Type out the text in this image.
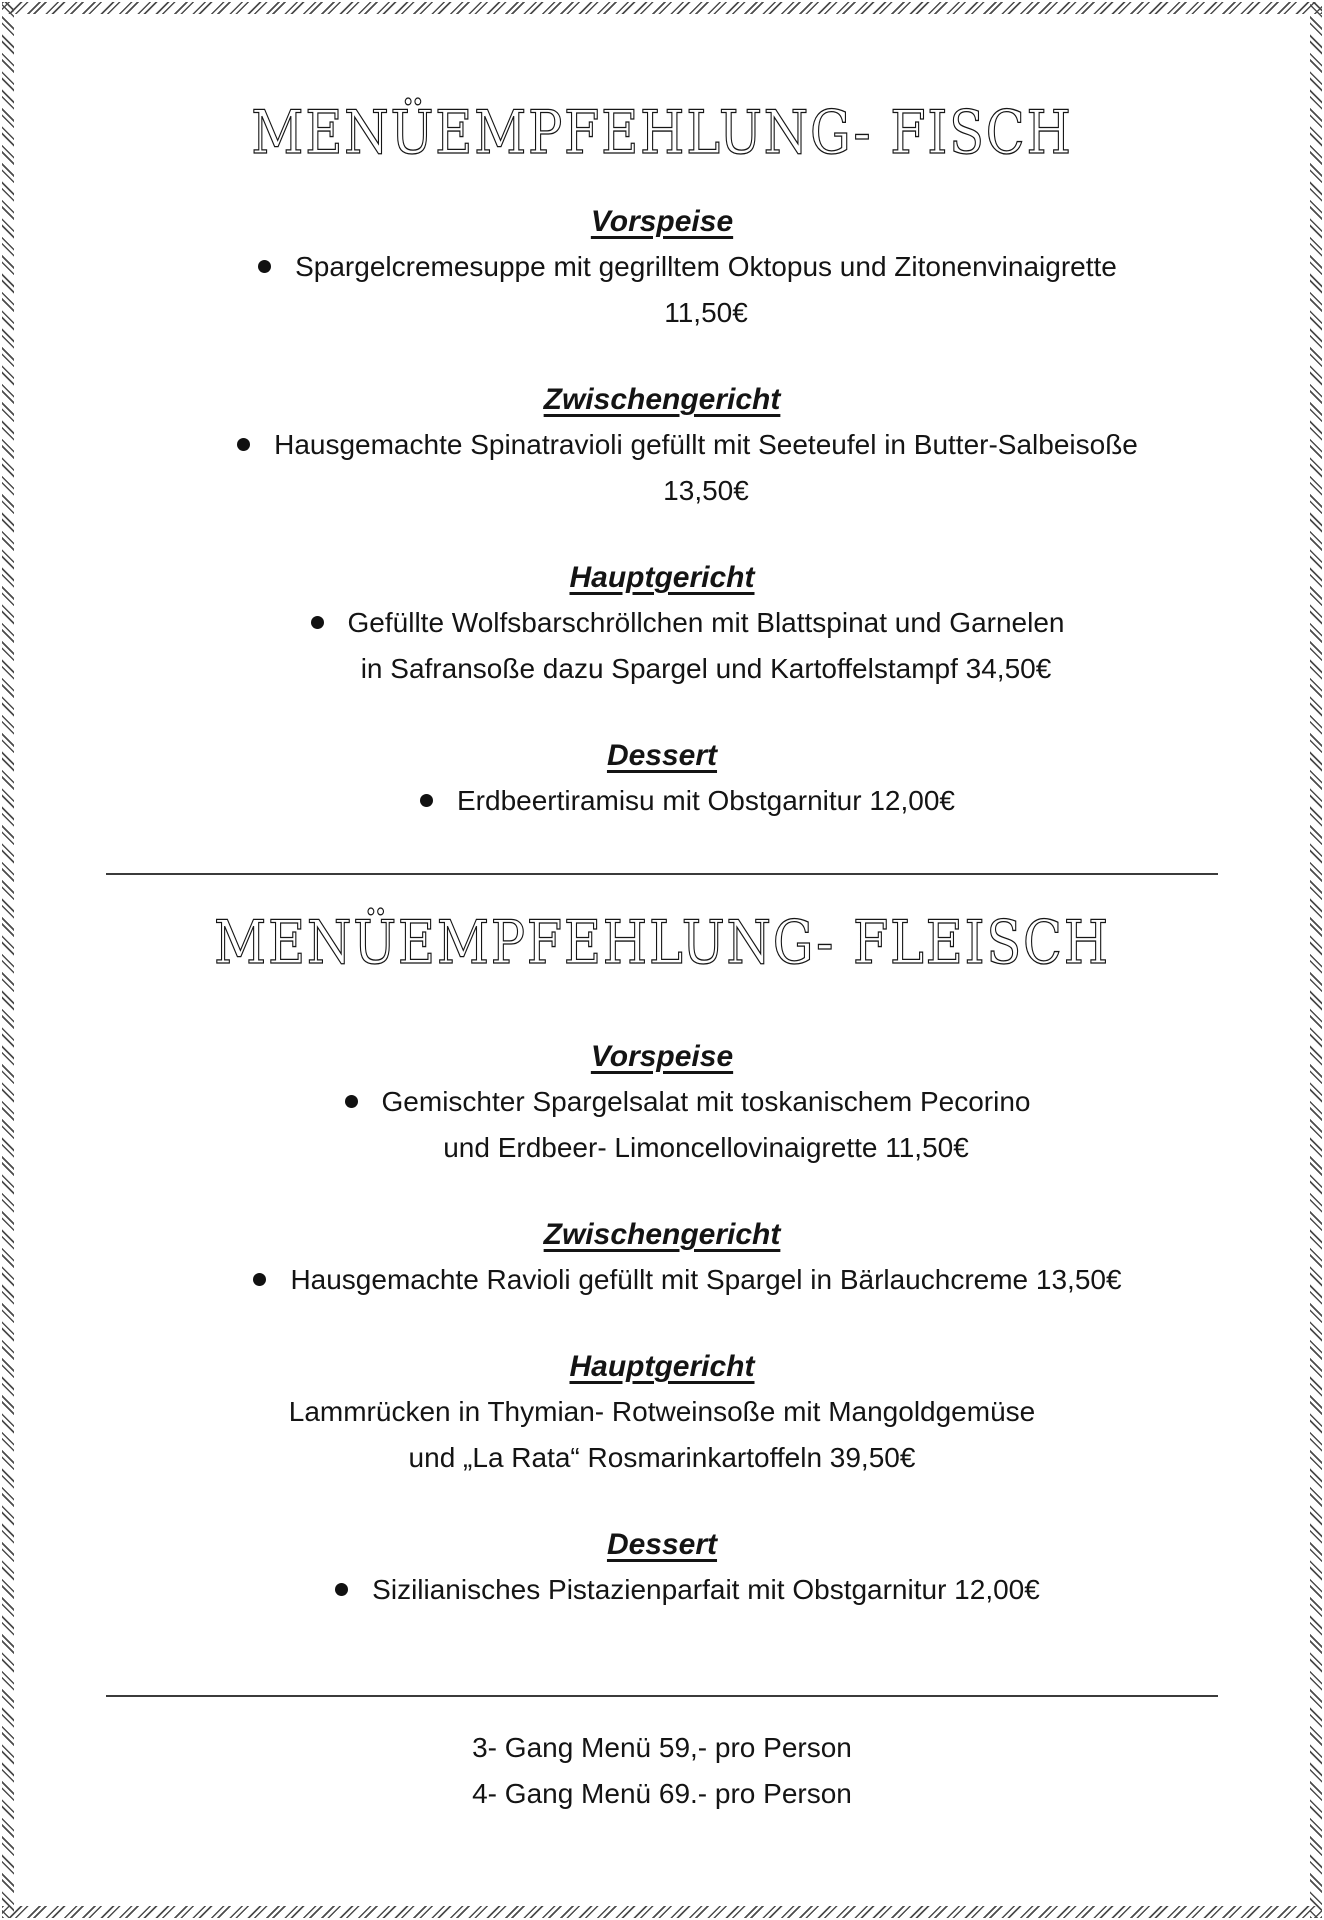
MENÜEMPFEHLUNG- FISCH
Vorspeise

Spargelcremesuppe mit gegrilltem Oktopus und Zitonenvinaigrette

11,50€

Zwischengericht

Hausgemachte Spinatravioli gefüllt mit Seeteufel in Butter-Salbeisoße

13,50€

Hauptgericht

Gefüllte Wolfsbarschröllchen mit Blattspinat und Garnelen

in Safransoße dazu Spargel und Kartoffelstampf 34,50€

Dessert

Erdbeertiramisu mit Obstgarnitur 12,00€

MENÜEMPFEHLUNG- FLEISCH
Vorspeise

Gemischter Spargelsalat mit toskanischem Pecorino

und Erdbeer- Limoncellovinaigrette 11,50€

Zwischengericht

Hausgemachte Ravioli gefüllt mit Spargel in Bärlauchcreme 13,50€

Hauptgericht

Lammrücken in Thymian- Rotweinsoße mit Mangoldgemüse

und „La Rata“ Rosmarinkartoffeln 39,50€

Dessert

Sizilianisches Pistazienparfait mit Obstgarnitur 12,00€

3- Gang Menü 59,- pro Person

4- Gang Menü 69.- pro Person
